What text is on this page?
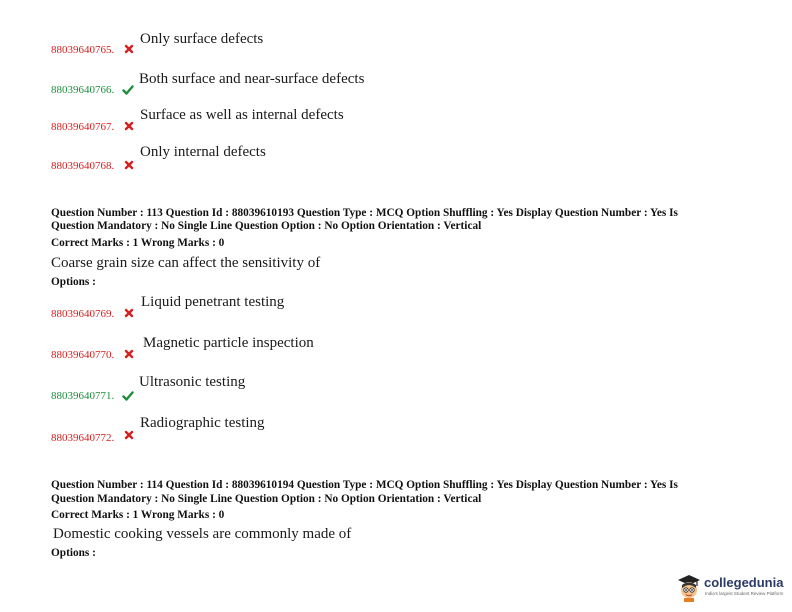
88039640765.
Only surface defects
88039640766.
Both surface and near-surface defects
88039640767.
Surface as well as internal defects
88039640768.
Only internal defects
Question Number : 113 Question Id : 88039610193 Question Type : MCQ Option Shuffling : Yes Display Question Number : Yes Is
Question Mandatory : No Single Line Question Option : No Option Orientation : Vertical
Correct Marks : 1 Wrong Marks : 0
Coarse grain size can affect the sensitivity of
Options :
88039640769.
Liquid penetrant testing
88039640770.
Magnetic particle inspection
88039640771.
Ultrasonic testing
88039640772.
Radiographic testing
Question Number : 114 Question Id : 88039610194 Question Type : MCQ Option Shuffling : Yes Display Question Number : Yes Is
Question Mandatory : No Single Line Question Option : No Option Orientation : Vertical
Correct Marks : 1 Wrong Marks : 0
Domestic cooking vessels are commonly made of
Options :
collegedunia
India's largest Student Review Platform
